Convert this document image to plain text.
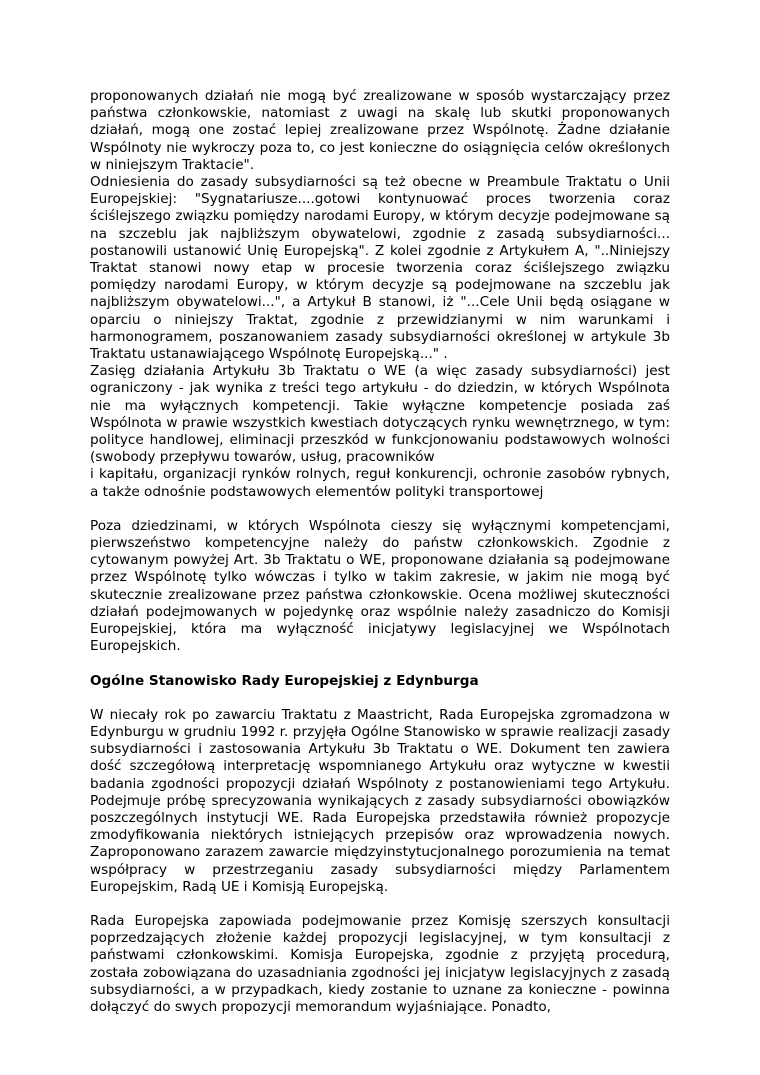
proponowanych działań nie mogą być zrealizowane w sposób wystarczający przez państwa członkowskie, natomiast z uwagi na skalę lub skutki proponowanych działań, mogą one zostać lepiej zrealizowane przez Wspólnotę. Żadne działanie Wspólnoty nie wykroczy poza to, co jest konieczne do osiągnięcia celów określonych w niniejszym Traktacie".

Odniesienia do zasady subsydiarności są też obecne w Preambule Traktatu o Unii Europejskiej: "Sygnatariusze....gotowi kontynuować proces tworzenia coraz ściślejszego związku pomiędzy narodami Europy, w którym decyzje podejmowane są na szczeblu jak najbliższym obywatelowi, zgodnie z zasadą subsydiarności... postanowili ustanowić Unię Europejską". Z kolei zgodnie z Artykułem A, "..Niniejszy Traktat stanowi nowy etap w procesie tworzenia coraz ściślejszego związku pomiędzy narodami Europy, w którym decyzje są podejmowane na szczeblu jak najbliższym obywatelowi...", a Artykuł B stanowi, iż "...Cele Unii będą osiągane w oparciu o niniejszy Traktat, zgodnie z przewidzianymi w nim warunkami i harmonogramem, poszanowaniem zasady subsydiarności określonej w artykule 3b Traktatu ustanawiającego Wspólnotę Europejską..." .

Zasięg działania Artykułu 3b Traktatu o WE (a więc zasady subsydiarności) jest ograniczony - jak wynika z treści tego artykułu - do dziedzin, w których Wspólnota nie ma wyłącznych kompetencji. Takie wyłączne kompetencje posiada zaś Wspólnota w prawie wszystkich kwestiach dotyczących rynku wewnętrznego, w tym: polityce handlowej, eliminacji przeszkód w funkcjonowaniu podstawowych wolności (swobody przepływu towarów, usług, pracowników
i kapitału, organizacji rynków rolnych, reguł konkurencji, ochronie zasobów rybnych, a także odnośnie podstawowych elementów polityki transportowej

Poza dziedzinami, w których Wspólnota cieszy się wyłącznymi kompetencjami, pierwszeństwo kompetencyjne należy do państw członkowskich. Zgodnie z cytowanym powyżej Art. 3b Traktatu o WE, proponowane działania są podejmowane przez Wspólnotę tylko wówczas i tylko w takim zakresie, w jakim nie mogą być skutecznie zrealizowane przez państwa członkowskie. Ocena możliwej skuteczności działań podejmowanych w pojedynkę oraz wspólnie należy zasadniczo do Komisji Europejskiej, która ma wyłączność inicjatywy legislacyjnej we Wspólnotach Europejskich.

Ogólne Stanowisko Rady Europejskiej z Edynburga

W niecały rok po zawarciu Traktatu z Maastricht, Rada Europejska zgromadzona w Edynburgu w grudniu 1992 r. przyjęła Ogólne Stanowisko w sprawie realizacji zasady subsydiarności i zastosowania Artykułu 3b Traktatu o WE. Dokument ten zawiera dość szczegółową interpretację wspomnianego Artykułu oraz wytyczne w kwestii badania zgodności propozycji działań Wspólnoty z postanowieniami tego Artykułu. Podejmuje próbę sprecyzowania wynikających z zasady subsydiarności obowiązków poszczególnych instytucji WE. Rada Europejska przedstawiła również propozycje zmodyfikowania niektórych istniejących przepisów oraz wprowadzenia nowych. Zaproponowano zarazem zawarcie międzyinstytucjonalnego porozumienia na temat współpracy w przestrzeganiu zasady subsydiarności między Parlamentem Europejskim, Radą UE i Komisją Europejską.

Rada Europejska zapowiada podejmowanie przez Komisję szerszych konsultacji poprzedzających złożenie każdej propozycji legislacyjnej, w tym konsultacji z państwami członkowskimi. Komisja Europejska, zgodnie z przyjętą procedurą, została zobowiązana do uzasadniania zgodności jej inicjatyw legislacyjnych z zasadą subsydiarności, a w przypadkach, kiedy zostanie to uznane za konieczne - powinna dołączyć do swych propozycji memorandum wyjaśniające. Ponadto,
